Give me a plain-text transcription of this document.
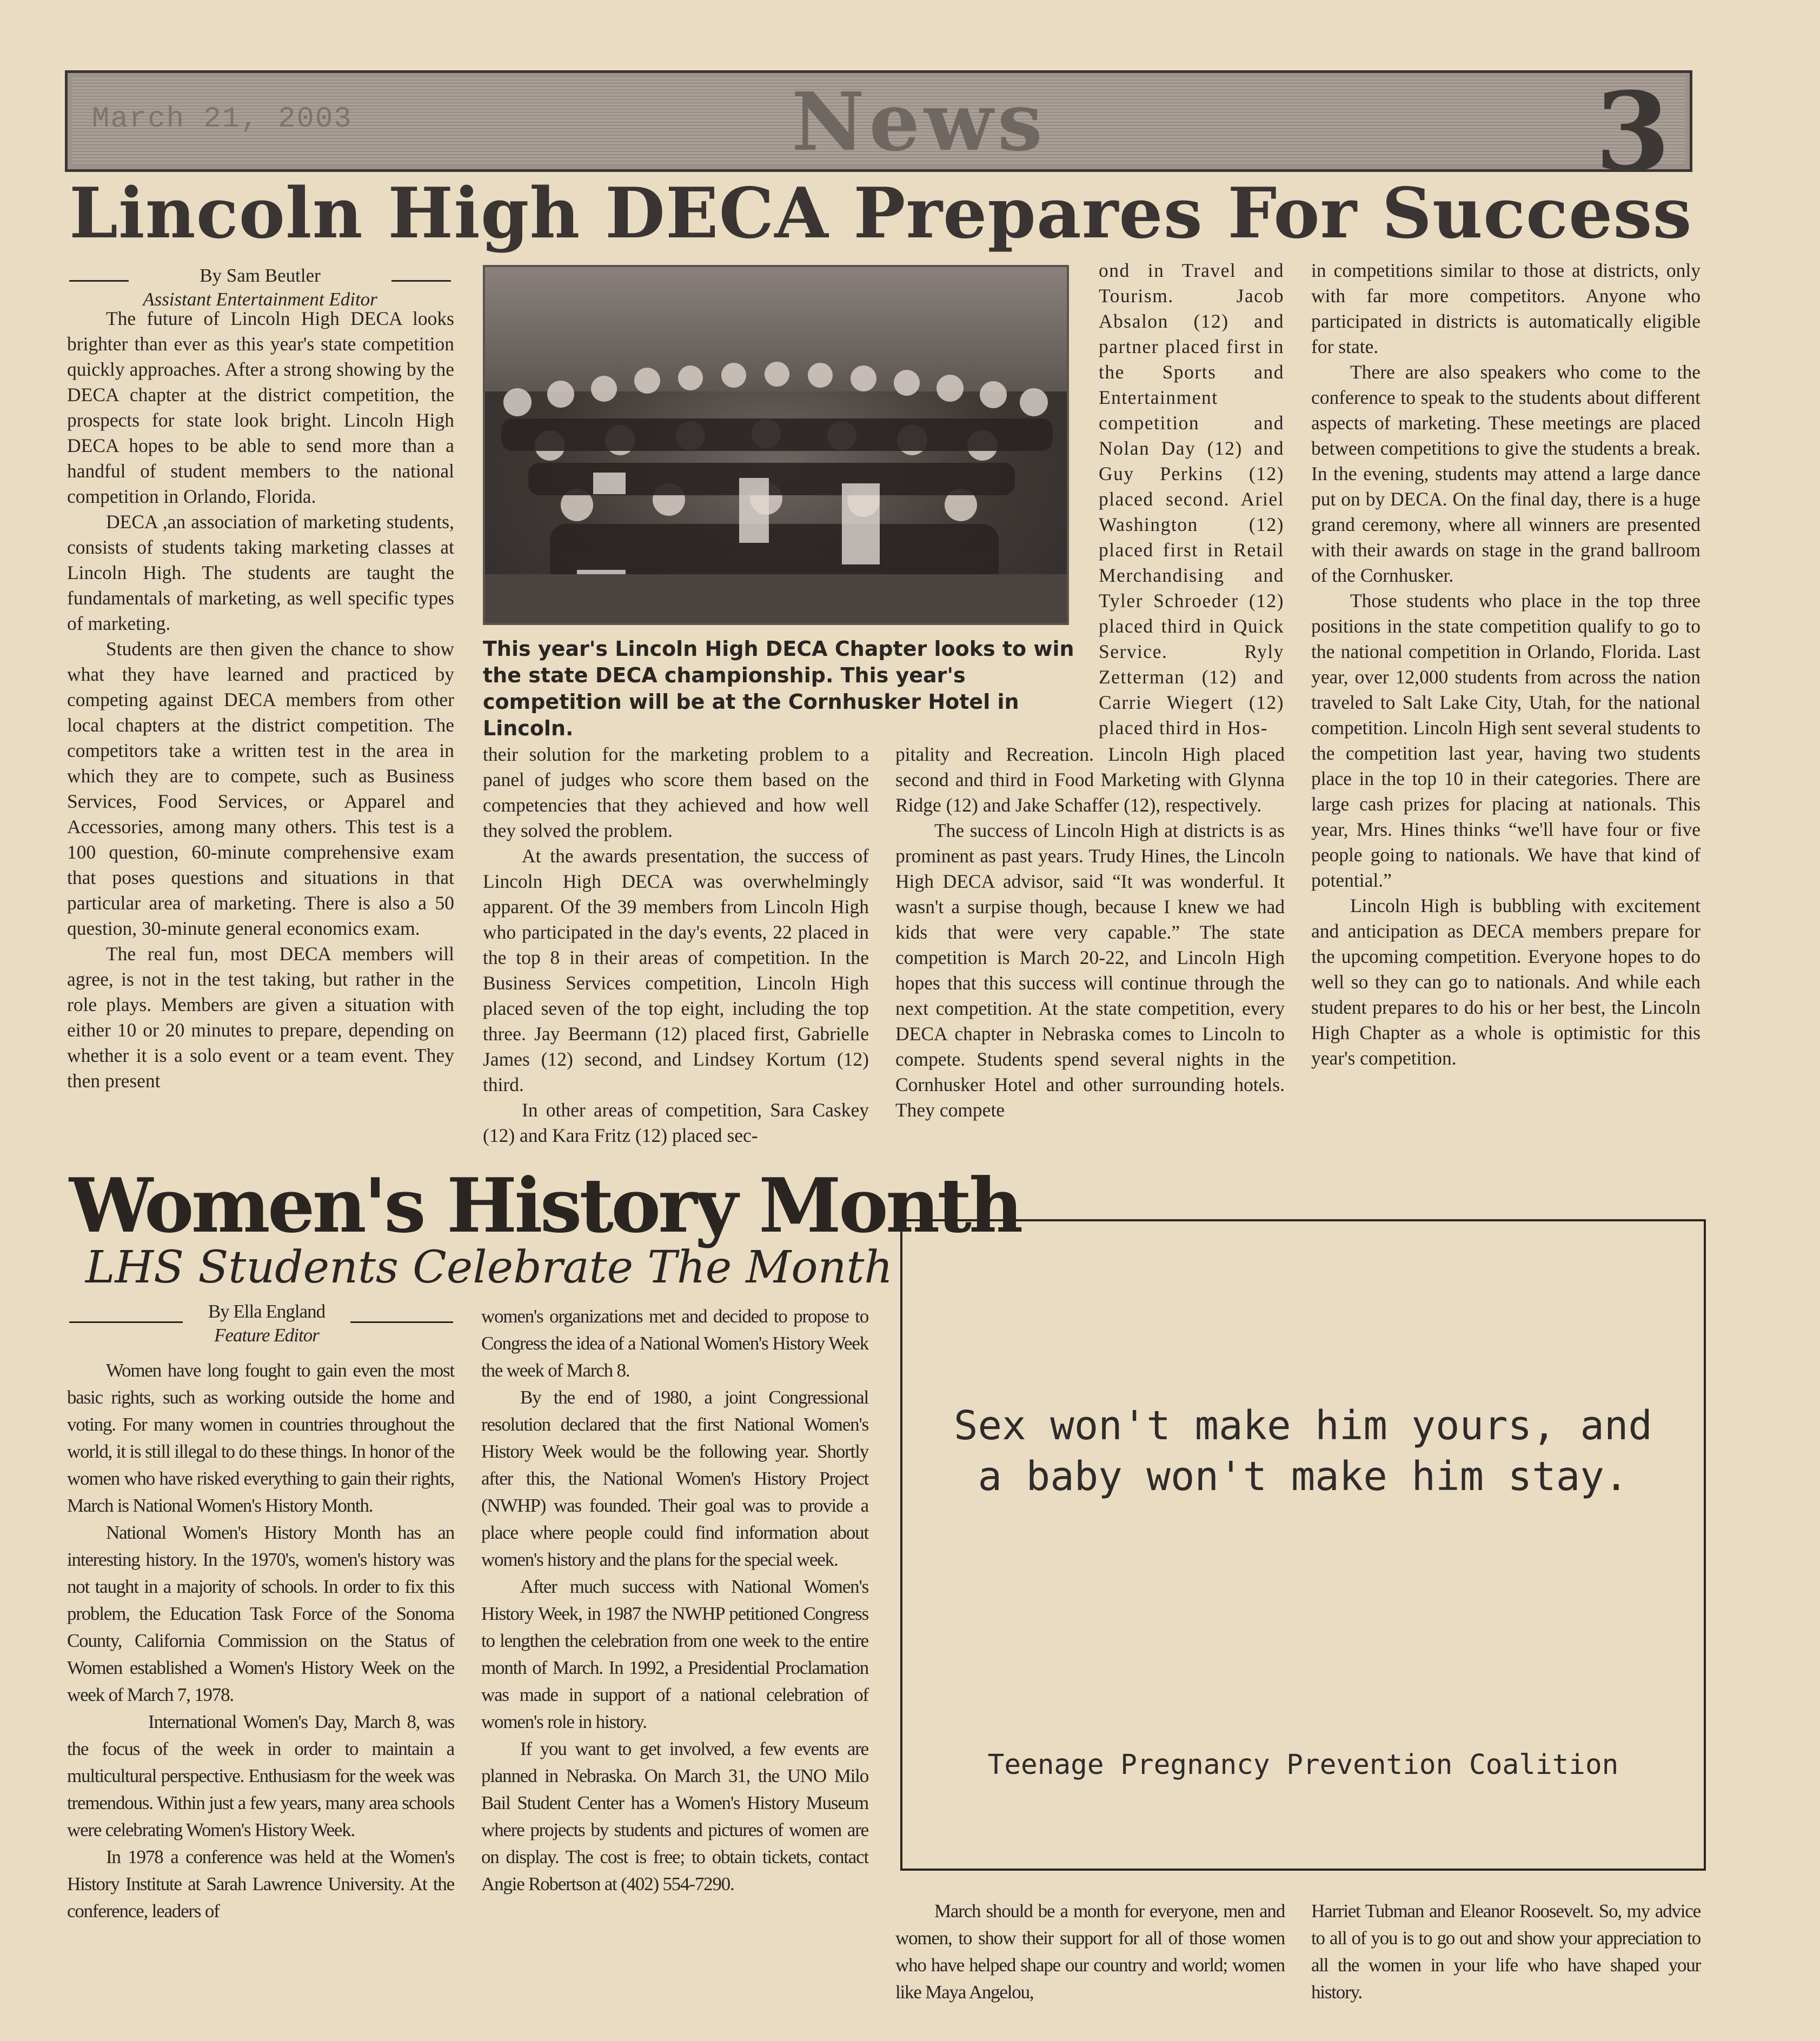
March 21, 2003	News	3
Lincoln High DECA Prepares For Success
By Sam Beutler
Assistant Entertainment Editor

The future of Lincoln High DECA looks brighter than ever as this year's state competition quickly approaches. After a strong showing by the DECA chapter at the district competition, the prospects for state look bright. Lincoln High DECA hopes to be able to send more than a handful of student members to the national competition in Orlando, Florida.

DECA ,an association of marketing students, consists of students taking marketing classes at Lincoln High. The students are taught the fundamentals of marketing, as well specific types of marketing.

Students are then given the chance to show what they have learned and practiced by competing against DECA members from other local chapters at the district competition. The competitors take a written test in the area in which they are to compete, such as Business Services, Food Services, or Apparel and Accessories, among many others. This test is a 100 question, 60-minute comprehensive exam that poses questions and situations in that particular area of marketing. There is also a 50 question, 30-minute general economics exam.

The real fun, most DECA members will agree, is not in the test taking, but rather in the role plays. Members are given a situation with either 10 or 20 minutes to prepare, depending on whether it is a solo event or a team event. They then present

This year's Lincoln High DECA Chapter looks to win the state DECA championship. This year's competition will be at the Cornhusker Hotel in Lincoln.

ond in Travel and Tourism. Jacob Absalon (12) and partner placed first in the Sports and Entertainment competition and Nolan Day (12) and Guy Perkins (12) placed second. Ariel Washington (12) placed first in Retail Merchandising and Tyler Schroeder (12) placed third in Quick Service. Ryly Zetterman (12) and Carrie Wiegert (12) placed third in Hos-

their solution for the marketing problem to a panel of judges who score them based on the competencies that they achieved and how well they solved the problem.

At the awards presentation, the success of Lincoln High DECA was overwhelmingly apparent. Of the 39 members from Lincoln High who participated in the day's events, 22 placed in the top 8 in their areas of competition. In the Business Services competition, Lincoln High placed seven of the top eight, including the top three. Jay Beermann (12) placed first, Gabrielle James (12) second, and Lindsey Kortum (12) third.

In other areas of competition, Sara Caskey (12) and Kara Fritz (12) placed sec-

pitality and Recreation. Lincoln High placed second and third in Food Marketing with Glynna Ridge (12) and Jake Schaffer (12), respectively.

The success of Lincoln High at districts is as prominent as past years. Trudy Hines, the Lincoln High DECA advisor, said “It was wonderful. It wasn't a surpise though, because I knew we had kids that were very capable.” The state competition is March 20-22, and Lincoln High hopes that this success will continue through the next competition. At the state competition, every DECA chapter in Nebraska comes to Lincoln to compete. Students spend several nights in the Cornhusker Hotel and other surrounding hotels. They compete

in competitions similar to those at districts, only with far more competitors. Anyone who participated in districts is automatically eligible for state.

There are also speakers who come to the conference to speak to the students about different aspects of marketing. These meetings are placed between competitions to give the students a break. In the evening, students may attend a large dance put on by DECA. On the final day, there is a huge grand ceremony, where all winners are presented with their awards on stage in the grand ballroom of the Cornhusker.

Those students who place in the top three positions in the state competition qualify to go to the national competition in Orlando, Florida. Last year, over 12,000 students from across the nation traveled to Salt Lake City, Utah, for the national competition. Lincoln High sent several students to the competition last year, having two students place in the top 10 in their categories. There are large cash prizes for placing at nationals. This year, Mrs. Hines thinks “we'll have four or five people going to nationals. We have that kind of potential.”

Lincoln High is bubbling with excitement and anticipation as DECA members prepare for the upcoming competition. Everyone hopes to do well so they can go to nationals. And while each student prepares to do his or her best, the Lincoln High Chapter as a whole is optimistic for this year's competition.

Women's History Month
LHS Students Celebrate The Month
By Ella England
Feature Editor

Women have long fought to gain even the most basic rights, such as working outside the home and voting. For many women in countries throughout the world, it is still illegal to do these things. In honor of the women who have risked everything to gain their rights, March is National Women's History Month.

National Women's History Month has an interesting history. In the 1970's, women's history was not taught in a majority of schools. In order to fix this problem, the Education Task Force of the Sonoma County, California Commission on the Status of Women established a Women's History Week on the week of March 7, 1978.

International Women's Day, March 8, was the focus of the week in order to maintain a multicultural perspective. Enthusiasm for the week was tremendous. Within just a few years, many area schools were celebrating Women's History Week.

In 1978 a conference was held at the Women's History Institute at Sarah Lawrence University. At the conference, leaders of

women's organizations met and decided to propose to Congress the idea of a National Women's History Week the week of March 8.

By the end of 1980, a joint Congressional resolution declared that the first National Women's History Week would be the following year. Shortly after this, the National Women's History Project (NWHP) was founded. Their goal was to provide a place where people could find information about women's history and the plans for the special week.

After much success with National Women's History Week, in 1987 the NWHP petitioned Congress to lengthen the celebration from one week to the entire month of March. In 1992, a Presidential Proclamation was made in support of a national celebration of women's role in history.

If you want to get involved, a few events are planned in Nebraska. On March 31, the UNO Milo Bail Student Center has a Women's History Museum where projects by students and pictures of women are on display. The cost is free; to obtain tickets, contact Angie Robertson at (402) 554-7290.

Sex won't make him yours, and
a baby won't make him stay.
Teenage Pregnancy Prevention Coalition

March should be a month for everyone, men and women, to show their support for all of those women who have helped shape our country and world; women like Maya Angelou,

Harriet Tubman and Eleanor Roosevelt. So, my advice to all of you is to go out and show your appreciation to all the women in your life who have shaped your history.
